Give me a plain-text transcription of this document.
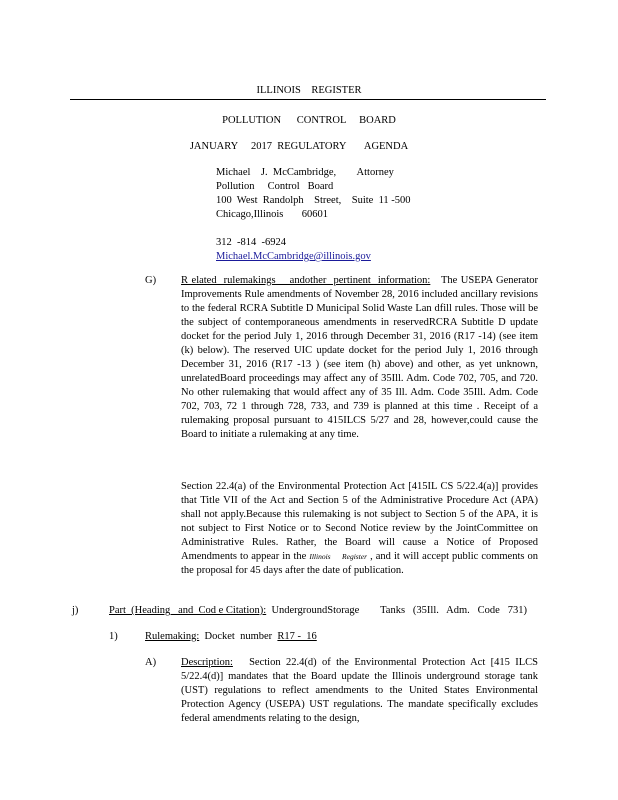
ILLINOIS    REGISTER
POLLUTION      CONTROL     BOARD
JANUARY     2017  REGULATORY       AGENDA
Michael    J.  McCambridge,        Attorney
Pollution     Control   Board
100  West  Randolph    Street,    Suite  11 -500
Chicago,Illinois       60601
312  -814  -6924
Michael.McCambridge@illinois.gov
G) R elated  rulemakings    andother  pertinent  information: The USEPA Generator Improvements Rule amendments of November 28, 2016 included ancillary revisions to the federal RCRA Subtitle D Municipal Solid Waste Lan dfill rules. Those will be the subject of contemporaneous amendments in reservedRCRA Subtitle D update docket for the period July 1, 2016 through December 31, 2016 (R17 -14) (see item (k) below). The reserved UIC update docket for the period July 1, 2016 through December 31, 2016 (R17 -13 ) (see item (h) above) and other, as yet unknown, unrelatedBoard proceedings may affect any of 35Ill. Adm. Code 702, 705, and 720. No other rulemaking that would affect any of 35 Ill. Adm. Code 35Ill. Adm. Code 702, 703, 72 1 through 728, 733, and 739 is planned at this time . Receipt of a rulemaking proposal pursuant to 415ILCS 5/27 and 28, however,could cause the Board to initiate a rulemaking at any time.

Section 22.4(a) of the Environmental Protection Act [415IL CS 5/22.4(a)] provides that Title VII of the Act and Section 5 of the Administrative Procedure Act (APA) shall not apply.Because this rulemaking is not subject to Section 5 of the APA, it is not subject to First Notice or to Second Notice review by the JointCommittee on Administrative Rules. Rather, the Board will cause a Notice of Proposed Amendments to appear in the Illinois     Register , and it will accept public comments on the proposal for 45 days after the date of publication.

j)	Part  (Heading   and  Cod e Citation): UndergroundStorage        Tanks   (35Ill.   Adm.   Code   731)
1)	Rulemaking: Docket  number R17 -  16
A) Description: Section 22.4(d) of the Environmental Protection Act [415 ILCS 5/22.4(d)] mandates that the Board update the Illinois underground storage tank (UST) regulations to reflect amendments to the United States Environmental Protection Agency (USEPA) UST regulations. The mandate specifically excludes federal amendments relating to the design,
